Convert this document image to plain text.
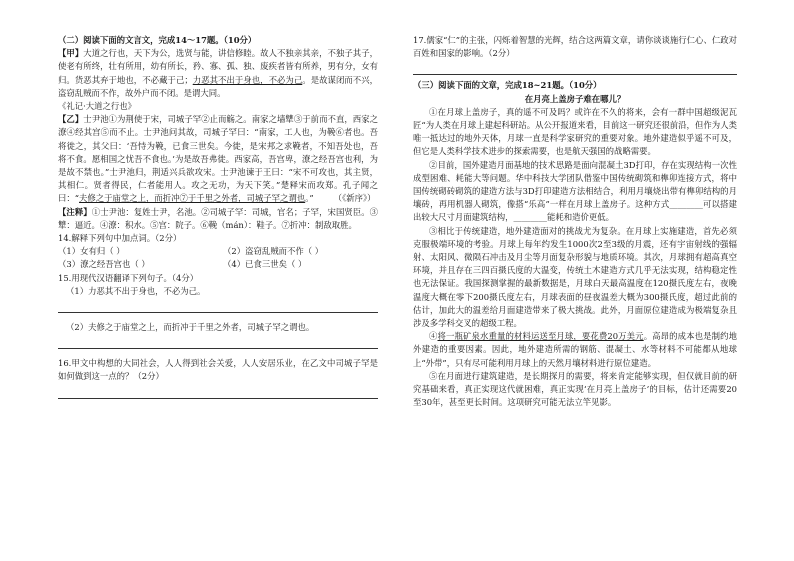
（二）阅读下面的文言文，完成14～17题。（10分）
【甲】大道之行也，天下为公，选贤与能，讲信修睦。故人不独亲其亲，不独子其子，使老有所终，壮有所用，幼有所长，矜、寡、孤、独、废疾者皆有所养，男有分，女有归。货恶其弃于地也，不必藏于己；力恶其不出于身也，不必为己。是故谋闭而不兴，盗窃乱贼而不作，故外户而不闭。是谓大同。
《礼记·大道之行也》
【乙】士尹池①为荆使于宋，司城子罕②止而觞之。南家之墙犨③于前而不直，西家之潦④经其宫⑤而不止。士尹池问其故，司城子罕曰：“南家，工人也，为鞔⑥者也。吾将徙之，其父曰：‘吾恃为鞔，已食三世矣。今徙，是宋邦之求鞔者，不知吾处也，吾将不食。愿相国之忧吾不食也。’为是故吾弗徙。西家高，吾宫卑，潦之经吾宫也利，为是故不禁也。”士尹池归，荆适兴兵欲攻宋。士尹池谏于王曰：“宋不可攻也，其主贤，其相仁。贤者得民，仁者能用人。攻之无功，为天下笑。”楚释宋而攻郑。孔子闻之曰：“夫修之于庙堂之上，而折冲⑦于千里之外者，司城子罕之谓也。” （《新序》）
【注释】①士尹池：复姓士尹，名池。②司城子罕：司城，官名；子罕，宋国贤臣。③犨：逼近。④潦：积水。⑤宫：院子。⑥鞔（mán）：鞋子。⑦折冲：制敌取胜。
14.解释下列句中加点词。（2分）
（1）女有归（ ）	（2）盗窃乱贼而不作（ ）
（3）潦之经吾宫也（ ）	（4）已食三世矣（ ）
15.用现代汉语翻译下列句子。（4分）
（1）力恶其不出于身也，不必为己。
（2）夫修之于庙堂之上，而折冲于千里之外者，司城子罕之谓也。
16.甲文中构想的大同社会，人人得到社会关爱，人人安居乐业，在乙文中司城子罕是如何做到这一点的？（2分）
17.儒家“仁”的主张，闪烁着智慧的光辉，结合这两篇文章，请你谈谈施行仁心、仁政对百姓和国家的影响。（2分）
（三）阅读下面的文章，完成18~21题。（10分）
在月亮上盖房子难在哪儿？
①在月球上盖房子，真的遥不可及吗？或许在不久的将来，会有一群中国超级泥瓦匠“为人类在月球上建起科研站。从公开报道来看，目前这一研究还很前沿，但作为人类唯一抵达过的地外天体，月球一直是科学家研究的重要对象。地外建造似乎遥不可及，但它是人类科学技术进步的探索需要，也是航天强国的战略需要。
②目前，国外建造月面基地的技术思路是面向混凝土3D打印，存在实现结构一次性成型困难、耗能大等问题。华中科技大学团队借鉴中国传统砌筑和榫卯连接方式，将中国传统砌砖砌筑的建造方法与3D打印建造方法相结合，利用月壤烧出带有榫卯结构的月壤砖，再用机器人砌筑，像搭“乐高”一样在月球上盖房子。这种方式________可以搭建出较大尺寸月面建筑结构，________能耗和造价更低。
③相比于传统建造，地外建造面对的挑战尤为复杂。在月球上实施建造，首先必须克服极端环境的考验。月球上每年约发生1000次2至3级的月震，还有宇宙射线的强辐射、太阳风、微陨石冲击及月尘等月面复杂形貌与地质环境。其次，月球拥有超高真空环境，并且存在三四百摄氏度的大温变，传统土木建造方式几乎无法实现，结构稳定性也无法保证。我国探测掌握的最新数据是，月球白天最高温度在120摄氏度左右，夜晚温度大概在零下200摄氏度左右，月球表面的昼夜温差大概为300摄氏度，超过此前的估计，加此大的温差给月面建造带来了极大挑战。此外，月面原位建造成为极端复杂且涉及多学科交叉的超级工程。
④将一瓶矿泉水重量的材料运送至月球，要花费20万美元。高昂的成本也是制约地外建造的重要因素。因此，地外建造所需的钢筋、混凝土、水等材料不可能都从地球上“外带”，只有尽可能利用月球上的天然月壤材料进行原位建造。
⑤在月面进行建筑建造，是长期探月的需要，将来肯定能够实现，但仅就目前的研究基础来看，真正实现这代就困难，真正实现‘在月亮上盖房子’的目标，估计还需要20至30年，甚至更长时间。这项研究可能无法立竿见影。
